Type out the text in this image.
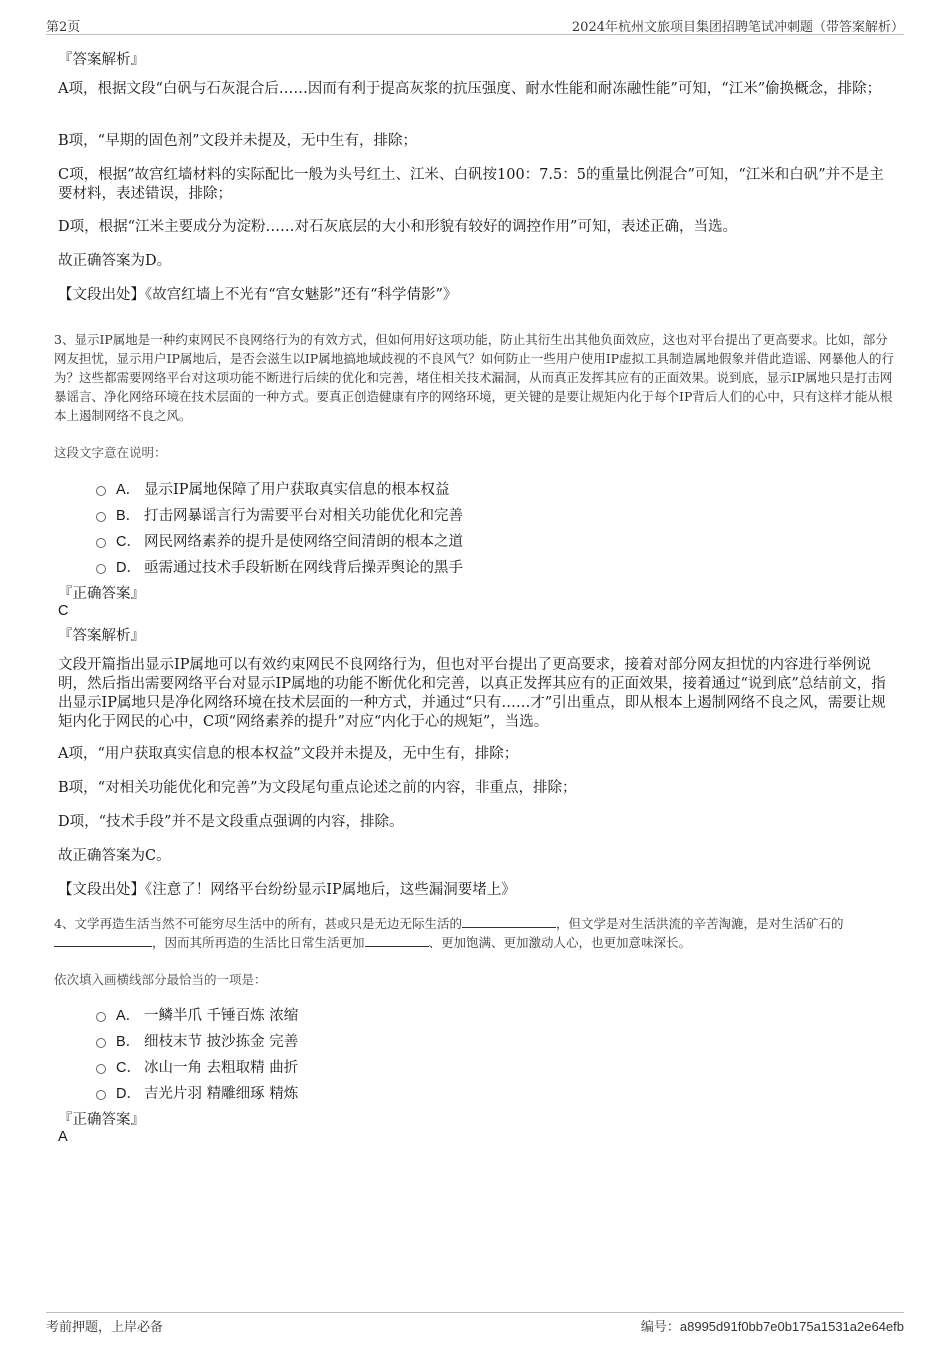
第2页	2024年杭州文旅项目集团招聘笔试冲刺题（带答案解析）
『答案解析』
A项，根据文段“白矾与石灰混合后……因而有利于提高灰浆的抗压强度、耐水性能和耐冻融性能”可知，“江米”偷换概念，排除；
B项，“早期的固色剂”文段并未提及，无中生有，排除；
C项，根据“故宫红墙材料的实际配比一般为头号红土、江米、白矾按100：7.5：5的重量比例混合”可知，“江米和白矾”并不是主要材料，表述错误，排除；
D项，根据“江米主要成分为淀粉……对石灰底层的大小和形貌有较好的调控作用”可知，表述正确，当选。
故正确答案为D。
【文段出处】《故宫红墙上不光有“宫女魅影”还有“科学倩影”》
3、显示IP属地是一种约束网民不良网络行为的有效方式，但如何用好这项功能，防止其衍生出其他负面效应，这也对平台提出了更高要求。比如，部分网友担忧，显示用户IP属地后，是否会滋生以IP属地搞地域歧视的不良风气？如何防止一些用户使用IP虚拟工具制造属地假象并借此造谣、网暴他人的行为？这些都需要网络平台对这项功能不断进行后续的优化和完善，堵住相关技术漏洞，从而真正发挥其应有的正面效果。说到底，显示IP属地只是打击网暴谣言、净化网络环境在技术层面的一种方式。要真正创造健康有序的网络环境，更关键的是要让规矩内化于每个IP背后人们的心中，只有这样才能从根本上遏制网络不良之风。
这段文字意在说明：
A． 显示IP属地保障了用户获取真实信息的根本权益
B． 打击网暴谣言行为需要平台对相关功能优化和完善
C． 网民网络素养的提升是使网络空间清朗的根本之道
D． 亟需通过技术手段斩断在网线背后操弄舆论的黑手
『正确答案』
C
『答案解析』
文段开篇指出显示IP属地可以有效约束网民不良网络行为，但也对平台提出了更高要求，接着对部分网友担忧的内容进行举例说明，然后指出需要网络平台对显示IP属地的功能不断优化和完善，以真正发挥其应有的正面效果，接着通过“说到底”总结前文，指出显示IP属地只是净化网络环境在技术层面的一种方式，并通过“只有……才”引出重点，即从根本上遏制网络不良之风，需要让规矩内化于网民的心中，C项“网络素养的提升”对应“内化于心的规矩”，当选。
A项，“用户获取真实信息的根本权益”文段并未提及，无中生有，排除；
B项，“对相关功能优化和完善”为文段尾句重点论述之前的内容，非重点，排除；
D项，“技术手段”并不是文段重点强调的内容，排除。
故正确答案为C。
【文段出处】《注意了！网络平台纷纷显示IP属地后，这些漏洞要堵上》
4、文学再造生活当然不可能穷尽生活中的所有，甚或只是无边无际生活的	，但文学是对生活洪流的辛苦淘漉，是对生活矿石的，因而其所再造的生活比日常生活更加	、更加饱满、更加激动人心，也更加意味深长。
依次填入画横线部分最恰当的一项是：
A． 一鳞半爪 千锤百炼 浓缩
B． 细枝末节 披沙拣金 完善
C． 冰山一角 去粗取精 曲折
D． 吉光片羽 精雕细琢 精炼
『正确答案』
A
考前押题，上岸必备	编号：a8995d91f0bb7e0b175a1531a2e64efb
